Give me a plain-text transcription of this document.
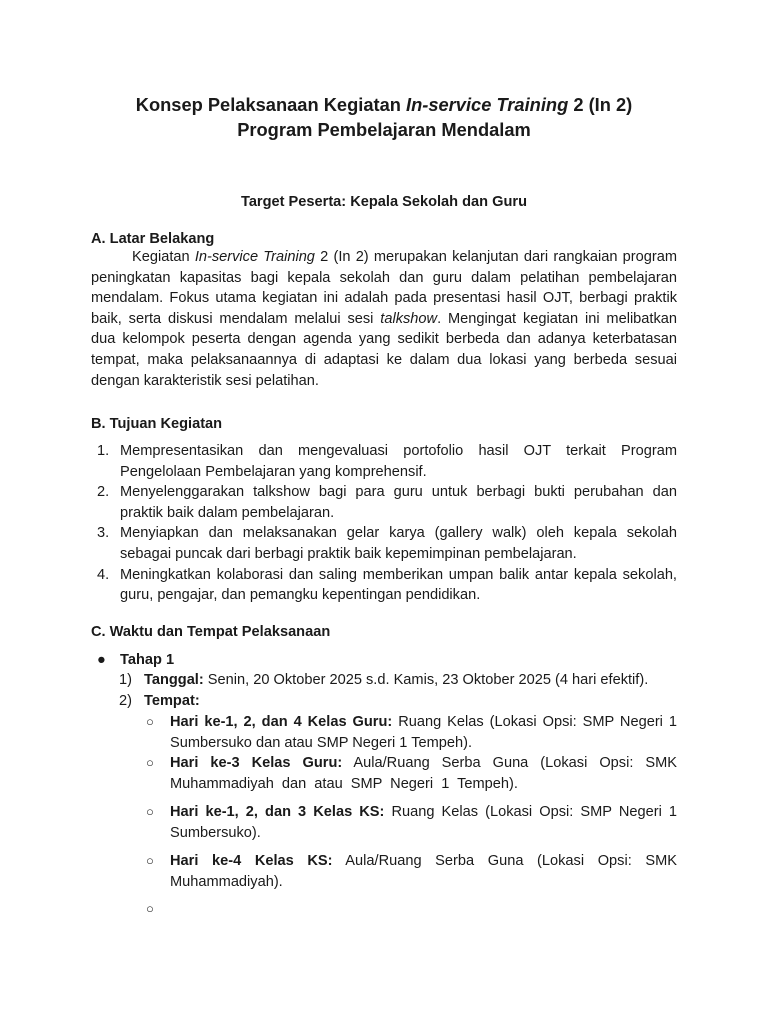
Konsep Pelaksanaan Kegiatan In-service Training 2 (In 2)
Program Pembelajaran Mendalam
Target Peserta: Kepala Sekolah dan Guru
A. Latar Belakang
Kegiatan In-service Training 2 (In 2) merupakan kelanjutan dari rangkaian program peningkatan kapasitas bagi kepala sekolah dan guru dalam pelatihan pembelajaran mendalam. Fokus utama kegiatan ini adalah pada presentasi hasil OJT, berbagi praktik baik, serta diskusi mendalam melalui sesi talkshow. Mengingat kegiatan ini melibatkan dua kelompok peserta dengan agenda yang sedikit berbeda dan adanya keterbatasan tempat, maka pelaksanaannya di adaptasi ke dalam dua lokasi yang berbeda sesuai dengan karakteristik sesi pelatihan.
B. Tujuan Kegiatan
1. Mempresentasikan dan mengevaluasi portofolio hasil OJT terkait Program Pengelolaan Pembelajaran yang komprehensif.
2. Menyelenggarakan talkshow bagi para guru untuk berbagi bukti perubahan dan praktik baik dalam pembelajaran.
3. Menyiapkan dan melaksanakan gelar karya (gallery walk) oleh kepala sekolah sebagai puncak dari berbagi praktik baik kepemimpinan pembelajaran.
4. Meningkatkan kolaborasi dan saling memberikan umpan balik antar kepala sekolah, guru, pengajar, dan pemangku kepentingan pendidikan.
C. Waktu dan Tempat Pelaksanaan
● Tahap 1
1) Tanggal: Senin, 20 Oktober 2025 s.d. Kamis, 23 Oktober 2025 (4 hari efektif).
2) Tempat:
○ Hari ke-1, 2, dan 4 Kelas Guru: Ruang Kelas (Lokasi Opsi: SMP Negeri 1 Sumbersuko dan atau SMP Negeri 1 Tempeh).
○ Hari ke-3 Kelas Guru: Aula/Ruang Serba Guna (Lokasi Opsi: SMK Muhammadiyah dan atau SMP Negeri 1 Tempeh).
○ Hari ke-1, 2, dan 3 Kelas KS: Ruang Kelas (Lokasi Opsi: SMP Negeri 1 Sumbersuko).
○ Hari ke-4 Kelas KS: Aula/Ruang Serba Guna (Lokasi Opsi: SMK Muhammadiyah).
○
